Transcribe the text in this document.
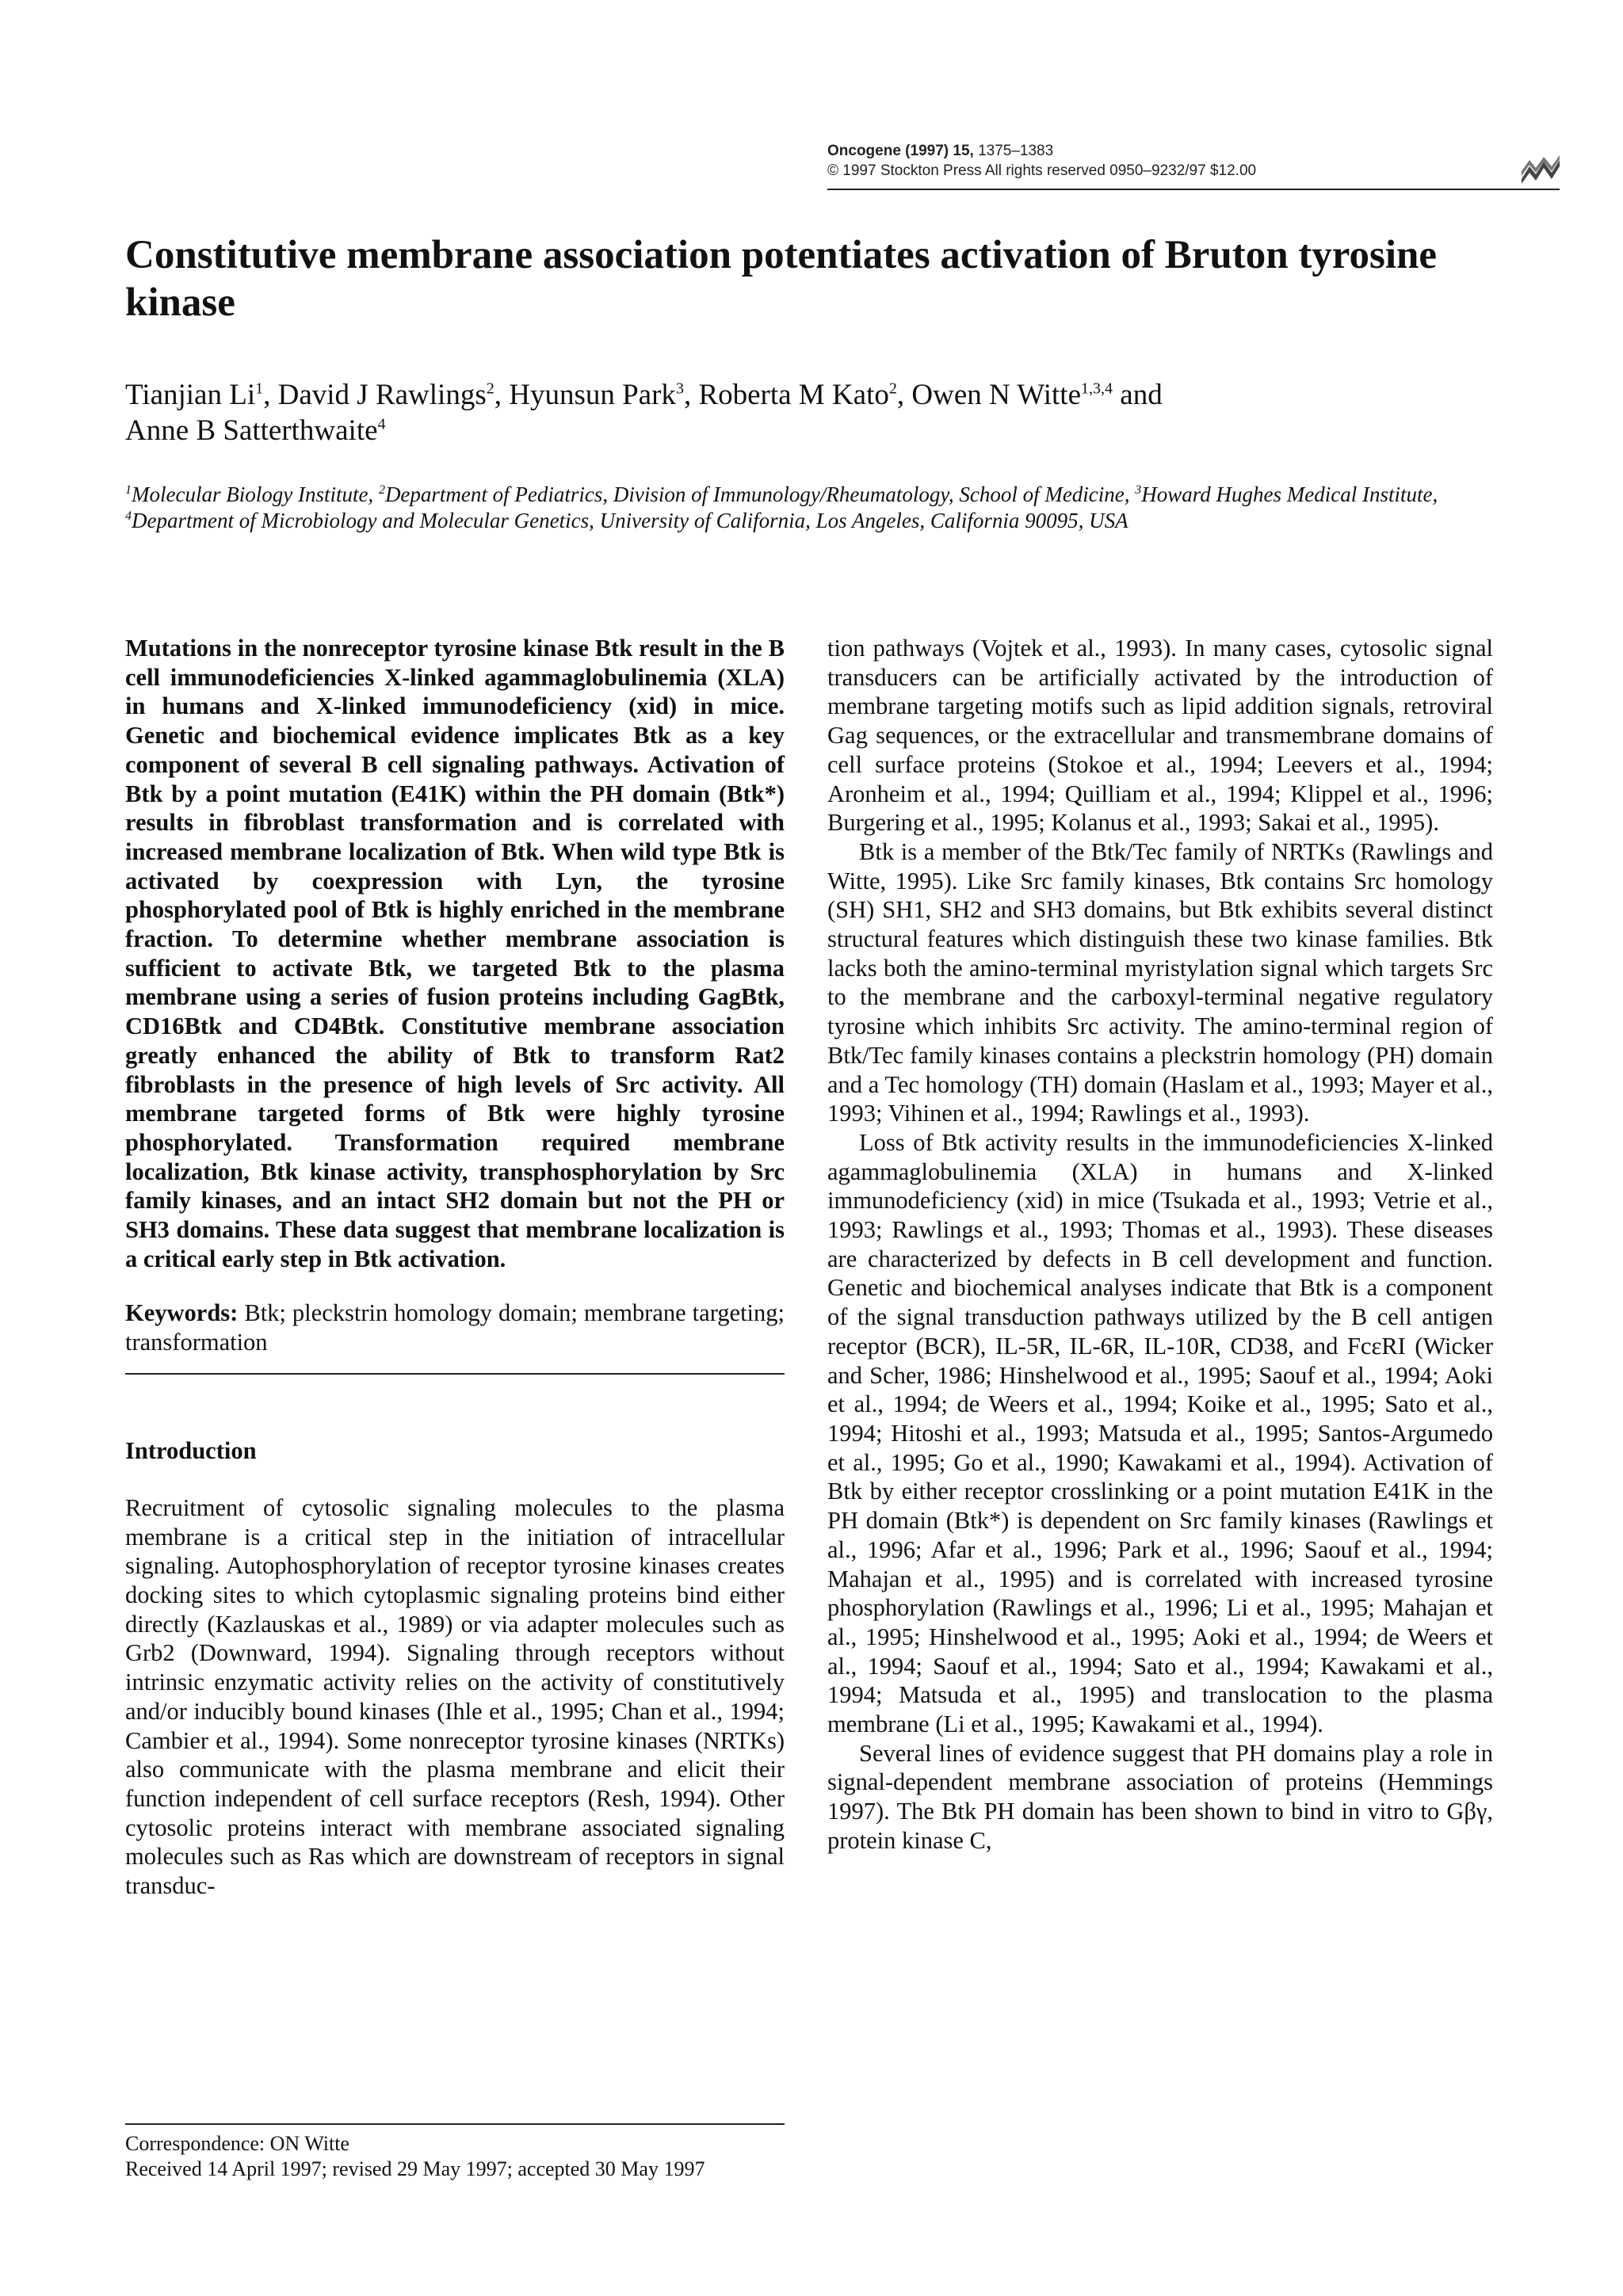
Oncogene (1997) 15, 1375–1383
© 1997 Stockton Press All rights reserved 0950–9232/97 $12.00
Constitutive membrane association potentiates activation of Bruton tyrosine kinase
Tianjian Li$^1$, David J Rawlings$^2$, Hyunsun Park$^3$, Roberta M Kato$^2$, Owen N Witte$^{1,3,4}$ and
Anne B Satterthwaite$^4$
$^1$Molecular Biology Institute, $^2$Department of Pediatrics, Division of Immunology/Rheumatology, School of Medicine, $^3$Howard Hughes Medical Institute, $^4$Department of Microbiology and Molecular Genetics, University of California, Los Angeles, California 90095, USA

Mutations in the nonreceptor tyrosine kinase Btk result in the B cell immunodeficiencies X-linked agammaglobulinemia (XLA) in humans and X-linked immunodeficiency (xid) in mice. Genetic and biochemical evidence implicates Btk as a key component of several B cell signaling pathways. Activation of Btk by a point mutation (E41K) within the PH domain (Btk*) results in fibroblast transformation and is correlated with increased membrane localization of Btk. When wild type Btk is activated by coexpression with Lyn, the tyrosine phosphorylated pool of Btk is highly enriched in the membrane fraction. To determine whether membrane association is sufficient to activate Btk, we targeted Btk to the plasma membrane using a series of fusion proteins including GagBtk, CD16Btk and CD4Btk. Constitutive membrane association greatly enhanced the ability of Btk to transform Rat2 fibroblasts in the presence of high levels of Src activity. All membrane targeted forms of Btk were highly tyrosine phosphorylated. Transformation required membrane localization, Btk kinase activity, transphosphorylation by Src family kinases, and an intact SH2 domain but not the PH or SH3 domains. These data suggest that membrane localization is a critical early step in Btk activation.

Keywords: Btk; pleckstrin homology domain; membrane targeting; transformation

Introduction

Recruitment of cytosolic signaling molecules to the plasma membrane is a critical step in the initiation of intracellular signaling. Autophosphorylation of receptor tyrosine kinases creates docking sites to which cytoplasmic signaling proteins bind either directly (Kazlauskas et al., 1989) or via adapter molecules such as Grb2 (Downward, 1994). Signaling through receptors without intrinsic enzymatic activity relies on the activity of constitutively and/or inducibly bound kinases (Ihle et al., 1995; Chan et al., 1994; Cambier et al., 1994). Some nonreceptor tyrosine kinases (NRTKs) also communicate with the plasma membrane and elicit their function independent of cell surface receptors (Resh, 1994). Other cytosolic proteins interact with membrane associated signaling molecules such as Ras which are downstream of receptors in signal transduc-

tion pathways (Vojtek et al., 1993). In many cases, cytosolic signal transducers can be artificially activated by the introduction of membrane targeting motifs such as lipid addition signals, retroviral Gag sequences, or the extracellular and transmembrane domains of cell surface proteins (Stokoe et al., 1994; Leevers et al., 1994; Aronheim et al., 1994; Quilliam et al., 1994; Klippel et al., 1996; Burgering et al., 1995; Kolanus et al., 1993; Sakai et al., 1995).

Btk is a member of the Btk/Tec family of NRTKs (Rawlings and Witte, 1995). Like Src family kinases, Btk contains Src homology (SH) SH1, SH2 and SH3 domains, but Btk exhibits several distinct structural features which distinguish these two kinase families. Btk lacks both the amino-terminal myristylation signal which targets Src to the membrane and the carboxyl-terminal negative regulatory tyrosine which inhibits Src activity. The amino-terminal region of Btk/Tec family kinases contains a pleckstrin homology (PH) domain and a Tec homology (TH) domain (Haslam et al., 1993; Mayer et al., 1993; Vihinen et al., 1994; Rawlings et al., 1993).

Loss of Btk activity results in the immunodeficiencies X-linked agammaglobulinemia (XLA) in humans and X-linked immunodeficiency (xid) in mice (Tsukada et al., 1993; Vetrie et al., 1993; Rawlings et al., 1993; Thomas et al., 1993). These diseases are characterized by defects in B cell development and function. Genetic and biochemical analyses indicate that Btk is a component of the signal transduction pathways utilized by the B cell antigen receptor (BCR), IL-5R, IL-6R, IL-10R, CD38, and FcεRI (Wicker and Scher, 1986; Hinshelwood et al., 1995; Saouf et al., 1994; Aoki et al., 1994; de Weers et al., 1994; Koike et al., 1995; Sato et al., 1994; Hitoshi et al., 1993; Matsuda et al., 1995; Santos-Argumedo et al., 1995; Go et al., 1990; Kawakami et al., 1994). Activation of Btk by either receptor crosslinking or a point mutation E41K in the PH domain (Btk*) is dependent on Src family kinases (Rawlings et al., 1996; Afar et al., 1996; Park et al., 1996; Saouf et al., 1994; Mahajan et al., 1995) and is correlated with increased tyrosine phosphorylation (Rawlings et al., 1996; Li et al., 1995; Mahajan et al., 1995; Hinshelwood et al., 1995; Aoki et al., 1994; de Weers et al., 1994; Saouf et al., 1994; Sato et al., 1994; Kawakami et al., 1994; Matsuda et al., 1995) and translocation to the plasma membrane (Li et al., 1995; Kawakami et al., 1994).

Several lines of evidence suggest that PH domains play a role in signal-dependent membrane association of proteins (Hemmings 1997). The Btk PH domain has been shown to bind in vitro to Gβγ, protein kinase C,

Correspondence: ON Witte
Received 14 April 1997; revised 29 May 1997; accepted 30 May 1997
